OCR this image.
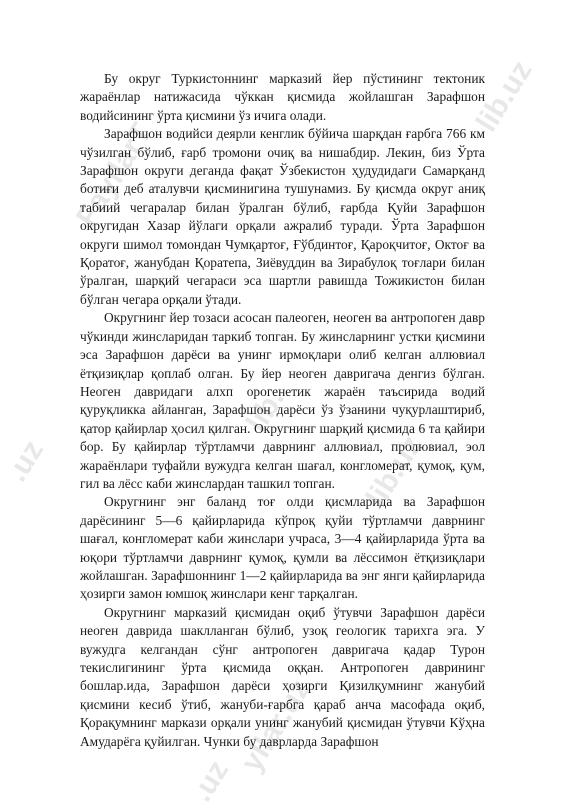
FayllarT
lib.uz
.uz
lib.
yllar.uz
lib.uz
.uz

Бу округ Туркистоннинг марказий йер пўстининг тектоник жараёнлар натижасида чўккан қисмида жойлашган Зарафшон водийсининг ўрта қисмини ўз ичига олади.

Зарафшон водийси деярли кенглик бўйича шарқдан ғарбга 766 км чўзилган бўлиб, ғарб тромони очиқ ва нишабдир. Лекин, биз Ўрта Зарафшон округи деганда фақат Ўзбекистон ҳудудидаги Самарқанд ботиғи деб аталувчи қисминигина тушунамиз. Бу қисмда округ аниқ табиий чегаралар билан ўралган бўлиб, ғарбда Қуйи Зарафшон округидан Хазар йўлаги орқали ажралиб туради. Ўрта Зарафшон округи шимол томондан Чумқартоғ, Ғўбдинтоғ, Қароқчитоғ, Октоғ ва Қоратоғ, жанубдан Қоратепа, Зиёвуддин ва Зирабулоқ тоғлари билан ўралган, шарқий чегараси эса шартли равишда Тожикистон билан бўлган чегара орқали ўтади.

Округнинг йер тозаси асосан палеоген, неоген ва антропоген давр чўкинди жинсларидан таркиб топган. Бу жинсларнинг устки қисмини эса Зарафшон дарёси ва унинг ирмоқлари олиб келган аллювиал ётқизиқлар қоплаб олган. Бу йер неоген давригача денгиз бўлган. Неоген давридаги алхп орогенетик жараён таъсирида водий қуруқликка айланган, Зарафшон дарёси ўз ўзанини чуқурлаштириб, қатор қайирлар ҳосил қилган. Округнинг шарқий қисмида 6 та қайири бор. Бу қайирлар тўртламчи даврнинг аллювиал, пролювиал, эол жараёнлари туфайли вужудга келган шағал, конгломерат, қумоқ, қум, гил ва лёсс каби жинслардан ташкил топган.

Округнинг энг баланд тоғ олди қисмларида ва Зарафшон дарёсининг 5—6 қайирларида кўпроқ қуйи тўртламчи даврнинг шағал, конгломерат каби жинслари учраса, 3—4 қайирларида ўрта ва юқори тўртламчи даврнинг қумоқ, қумли ва лёссимон ётқизиқлари жойлашган. Зарафшоннинг 1—2 қайирларида ва энг янги қайирларида ҳозирги замон юмшоқ жинслари кенг тарқалган.

Округнинг марказий қисмидан оқиб ўтувчи Зарафшон дарёси неоген даврида шаклланган бўлиб, узоқ геологик тарихга эга. У вужудга келгандан сўнг антропоген давригача қадар Турон текислигининг ўрта қисмида оққан. Антропоген даврининг бошлар.ида, Зарафшон дарёси ҳозирги Қизилқумнинг жанубий қисмини кесиб ўтиб, жануби-ғарбга қараб анча масофада оқиб, Қорақумнинг маркази орқали унинг жанубий қисмидан ўтувчи Кўҳна Амударёга қуйилган. Чунки бу даврларда Зарафшон
